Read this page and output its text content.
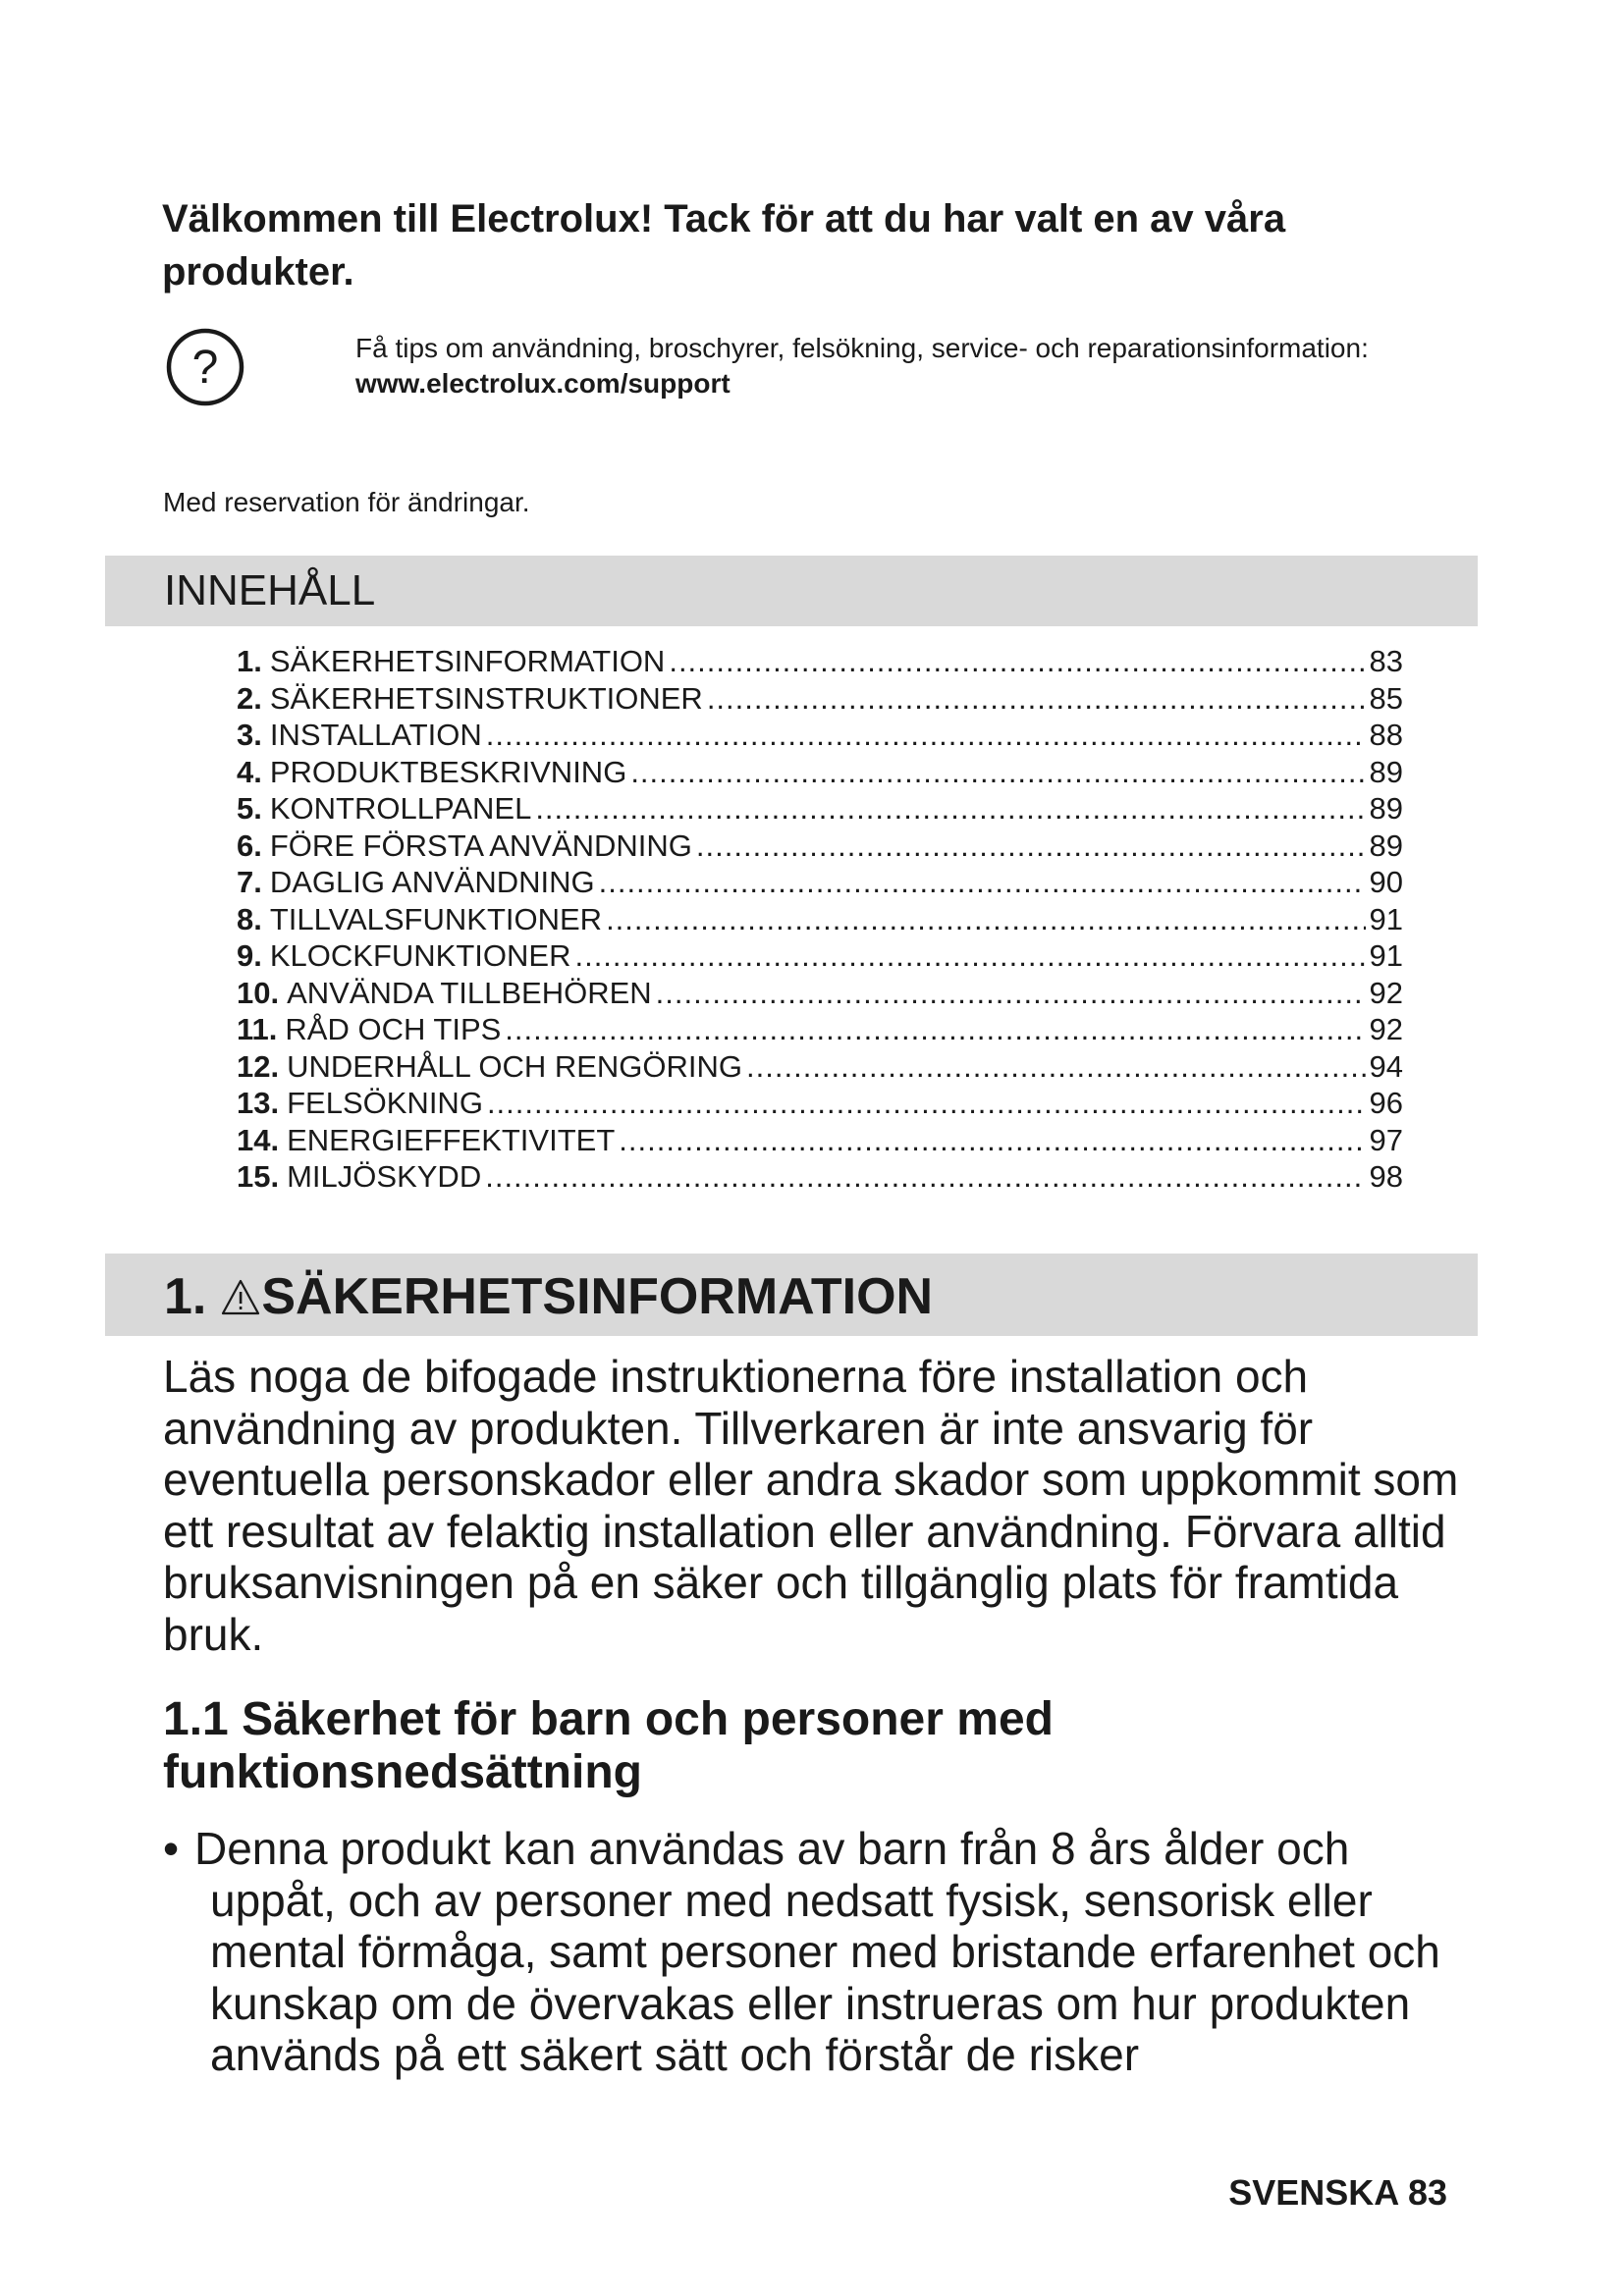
Välkommen till Electrolux! Tack för att du har valt en av våra produkter.
?	Få tips om användning, broschyrer, felsökning, service- och reparationsinformation:
www.electrolux.com/support
Med reservation för ändringar.
INNEHÅLL
1. SÄKERHETSINFORMATION .....	83
2. SÄKERHETSINSTRUKTIONER .....	85
3. INSTALLATION .....	88
4. PRODUKTBESKRIVNING .....	89
5. KONTROLLPANEL .....	89
6. FÖRE FÖRSTA ANVÄNDNING .....	89
7. DAGLIG ANVÄNDNING .....	90
8. TILLVALSFUNKTIONER .....	91
9. KLOCKFUNKTIONER .....	91
10. ANVÄNDA TILLBEHÖREN .....	92
11. RÅD OCH TIPS .....	92
12. UNDERHÅLL OCH RENGÖRING .....	94
13. FELSÖKNING .....	96
14. ENERGIEFFEKTIVITET .....	97
15. MILJÖSKYDD .....	98
1. SÄKERHETSINFORMATION

Läs noga de bifogade instruktionerna före installation och användning av produkten. Tillverkaren är inte ansvarig för eventuella personskador eller andra skador som uppkommit som ett resultat av felaktig installation eller användning. Förvara alltid bruksanvisningen på en säker och tillgänglig plats för framtida bruk.

1.1 Säkerhet för barn och personer med funktionsnedsättning

• Denna produkt kan användas av barn från 8 års ålder och uppåt, och av personer med nedsatt fysisk, sensorisk eller mental förmåga, samt personer med bristande erfarenhet och kunskap om de övervakas eller instrueras om hur produkten används på ett säkert sätt och förstår de risker

SVENSKA 83
